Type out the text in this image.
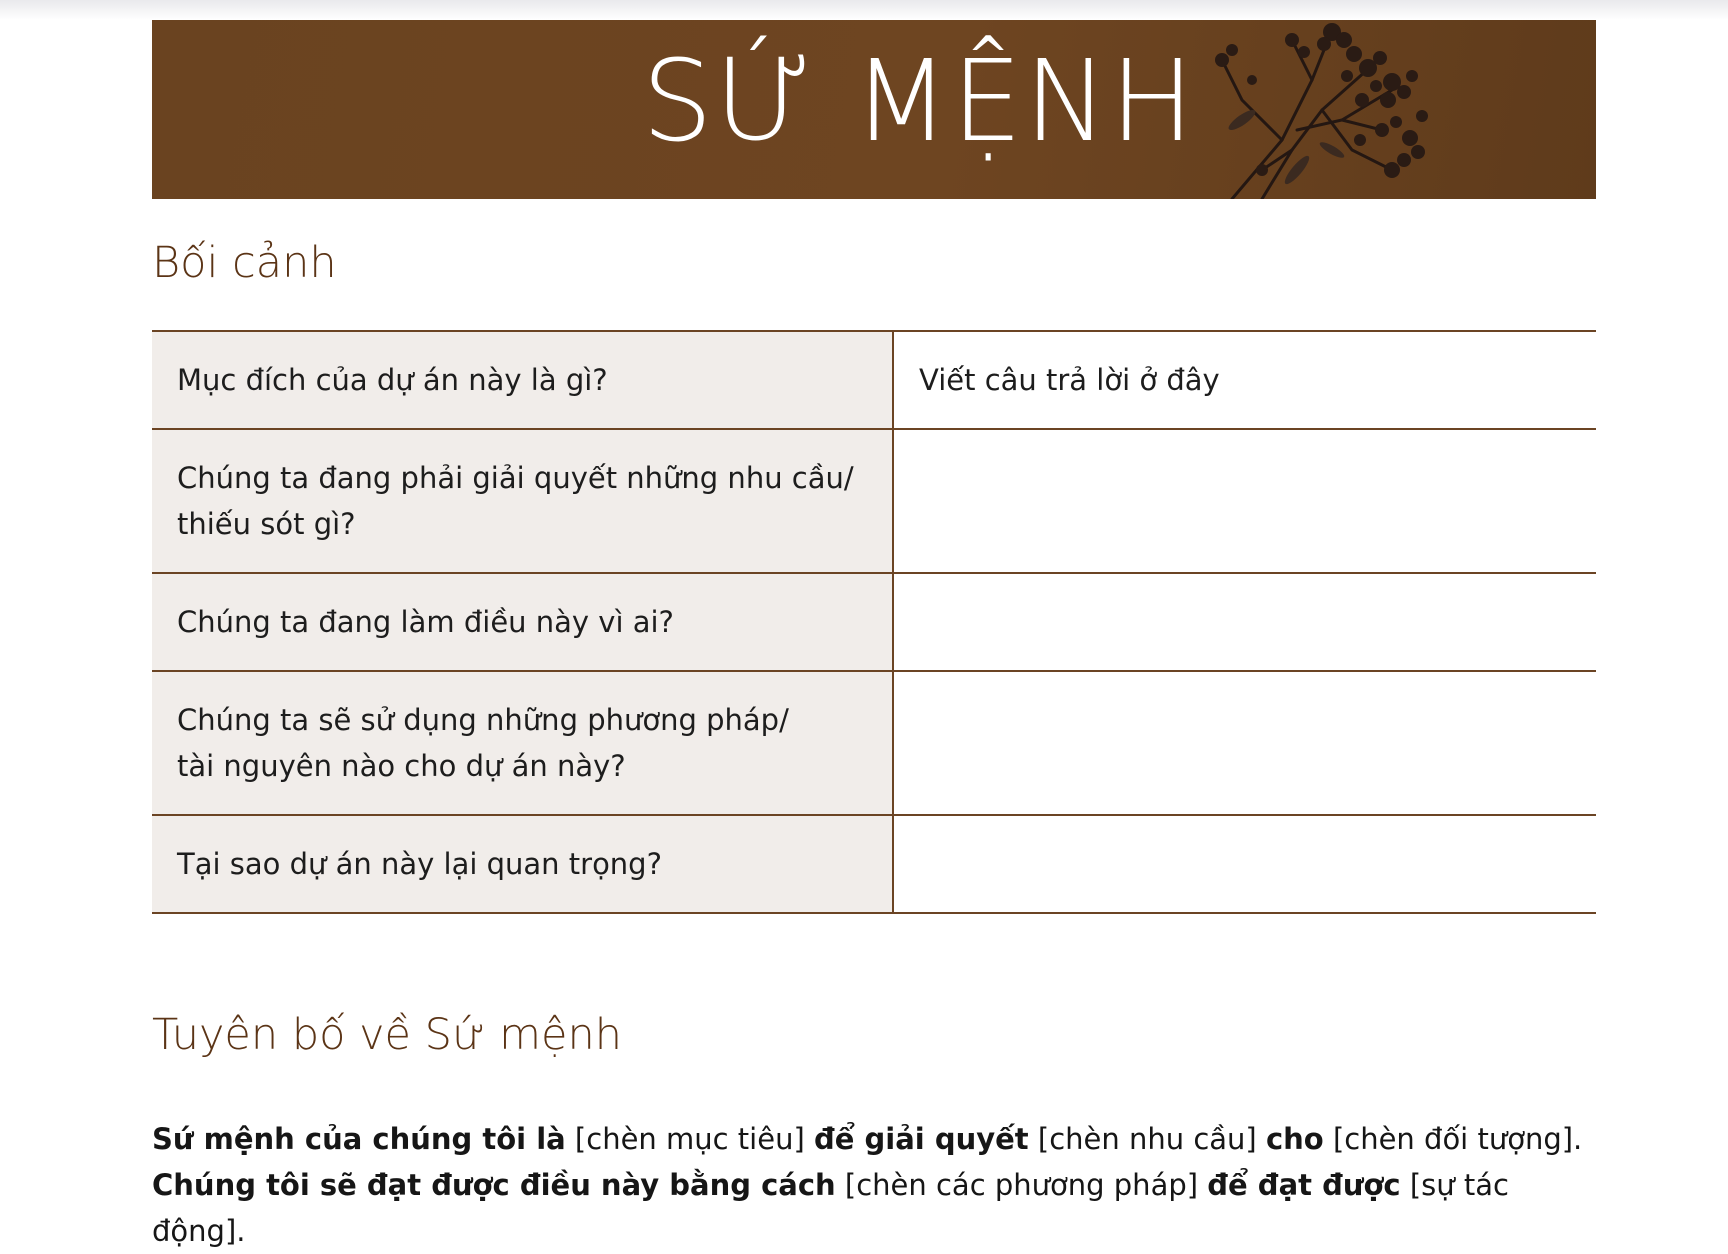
SỨ MỆNH
Bối cảnh
Mục đích của dự án này là gì?	Viết câu trả lời ở đây
Chúng ta đang phải giải quyết những nhu cầu/
thiếu sót gì?	
Chúng ta đang làm điều này vì ai?	
Chúng ta sẽ sử dụng những phương pháp/
tài nguyên nào cho dự án này?	
Tại sao dự án này lại quan trọng?	
Tuyên bố về Sứ mệnh
Sứ mệnh của chúng tôi là [chèn mục tiêu] để giải quyết [chèn nhu cầu] cho [chèn đối tượng].
Chúng tôi sẽ đạt được điều này bằng cách [chèn các phương pháp] để đạt được [sự tác động].
